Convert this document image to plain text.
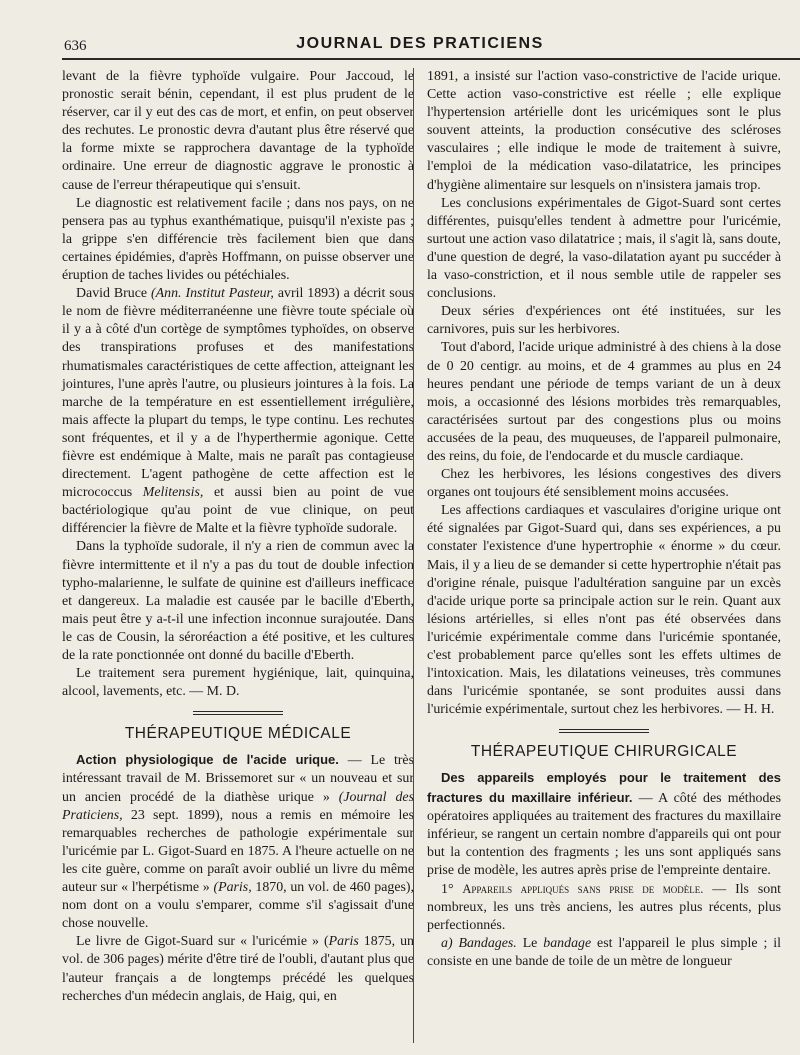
636	JOURNAL DES PRATICIENS

levant de la fièvre typhoïde vulgaire. Pour Jaccoud, le pronostic serait bénin, cependant, il est plus prudent de le réserver, car il y eut des cas de mort, et enfin, on peut observer des rechutes. Le pronostic devra d'autant plus être réservé que la forme mixte se rapprochera davantage de la typhoïde ordinaire. Une erreur de diagnostic aggrave le pronostic à cause de l'erreur thérapeutique qui s'ensuit.

Le diagnostic est relativement facile ; dans nos pays, on ne pensera pas au typhus exanthématique, puisqu'il n'existe pas ; la grippe s'en différencie très facilement bien que dans certaines épidémies, d'après Hoffmann, on puisse observer une éruption de taches livides ou pétéchiales.

David Bruce (Ann. Institut Pasteur, avril 1893) a décrit sous le nom de fièvre méditerranéenne une fièvre toute spéciale où il y a à côté d'un cortège de symptômes typhoïdes, on observe des transpirations profuses et des manifestations rhumatismales caractéristiques de cette affection, atteignant les jointures, l'une après l'autre, ou plusieurs jointures à la fois. La marche de la température en est essentiellement irrégulière, mais affecte la plupart du temps, le type continu. Les rechutes sont fréquentes, et il y a de l'hyperthermie agonique. Cette fièvre est endémique à Malte, mais ne paraît pas contagieuse directement. L'agent pathogène de cette affection est le micrococcus Melitensis, et aussi bien au point de vue bactériologique qu'au point de vue clinique, on peut différencier la fièvre de Malte et la fièvre typhoïde sudorale.

Dans la typhoïde sudorale, il n'y a rien de commun avec la fièvre intermittente et il n'y a pas du tout de double infection typho-malarienne, le sulfate de quinine est d'ailleurs inefficace et dangereux. La maladie est causée par le bacille d'Eberth, mais peut être y a-t-il une infection inconnue surajoutée. Dans le cas de Cousin, la séroréaction a été positive, et les cultures de la rate ponctionnée ont donné du bacille d'Eberth.

Le traitement sera purement hygiénique, lait, quinquina, alcool, lavements, etc. — M. D.

THÉRAPEUTIQUE MÉDICALE

Action physiologique de l'acide urique. — Le très intéressant travail de M. Brissemoret sur « un nouveau et sur un ancien procédé de la diathèse urique » (Journal des Praticiens, 23 sept. 1899), nous a remis en mémoire les remarquables recherches de pathologie expérimentale sur l'uricémie par L. Gigot-Suard en 1875. A l'heure actuelle on ne les cite guère, comme on paraît avoir oublié un livre du même auteur sur « l'herpétisme » (Paris, 1870, un vol. de 460 pages), nom dont on a voulu s'emparer, comme s'il s'agissait d'une chose nouvelle.

Le livre de Gigot-Suard sur « l'uricémie » (Paris 1875, un vol. de 306 pages) mérite d'être tiré de l'oubli, d'autant plus que l'auteur français a de longtemps précédé les quelques recherches d'un médecin anglais, de Haig, qui, en

1891, a insisté sur l'action vaso-constrictive de l'acide urique. Cette action vaso-constrictive est réelle ; elle explique l'hypertension artérielle dont les uricémiques sont le plus souvent atteints, la production consécutive des scléroses vasculaires ; elle indique le mode de traitement à suivre, l'emploi de la médication vaso-dilatatrice, les principes d'hygiène alimentaire sur lesquels on n'insistera jamais trop.

Les conclusions expérimentales de Gigot-Suard sont certes différentes, puisqu'elles tendent à admettre pour l'uricémie, surtout une action vaso dilatatrice ; mais, il s'agit là, sans doute, d'une question de degré, la vaso-dilatation ayant pu succéder à la vaso-constriction, et il nous semble utile de rappeler ses conclusions.

Deux séries d'expériences ont été instituées, sur les carnivores, puis sur les herbivores.

Tout d'abord, l'acide urique administré à des chiens à la dose de 0 20 centigr. au moins, et de 4 grammes au plus en 24 heures pendant une période de temps variant de un à deux mois, a occasionné des lésions morbides très remarquables, caractérisées surtout par des congestions plus ou moins accusées de la peau, des muqueuses, de l'appareil pulmonaire, des reins, du foie, de l'endocarde et du muscle cardiaque.

Chez les herbivores, les lésions congestives des divers organes ont toujours été sensiblement moins accusées.

Les affections cardiaques et vasculaires d'origine urique ont été signalées par Gigot-Suard qui, dans ses expériences, a pu constater l'existence d'une hypertrophie « énorme » du cœur. Mais, il y a lieu de se demander si cette hypertrophie n'était pas d'origine rénale, puisque l'adultération sanguine par un excès d'acide urique porte sa principale action sur le rein. Quant aux lésions artérielles, si elles n'ont pas été observées dans l'uricémie expérimentale comme dans l'uricémie spontanée, c'est probablement parce qu'elles sont les effets ultimes de l'intoxication. Mais, les dilatations veineuses, très communes dans l'uricémie spontanée, se sont produites aussi dans l'uricémie expérimentale, surtout chez les herbivores. — H. H.

THÉRAPEUTIQUE CHIRURGICALE

Des appareils employés pour le traitement des fractures du maxillaire inférieur. — A côté des méthodes opératoires appliquées au traitement des fractures du maxillaire inférieur, se rangent un certain nombre d'appareils qui ont pour but la contention des fragments ; les uns sont appliqués sans prise de modèle, les autres après prise de l'empreinte dentaire.

1° Appareils appliqués sans prise de modèle. — Ils sont nombreux, les uns très anciens, les autres plus récents, plus perfectionnés.

a) Bandages. Le bandage est l'appareil le plus simple ; il consiste en une bande de toile de un mètre de longueur
